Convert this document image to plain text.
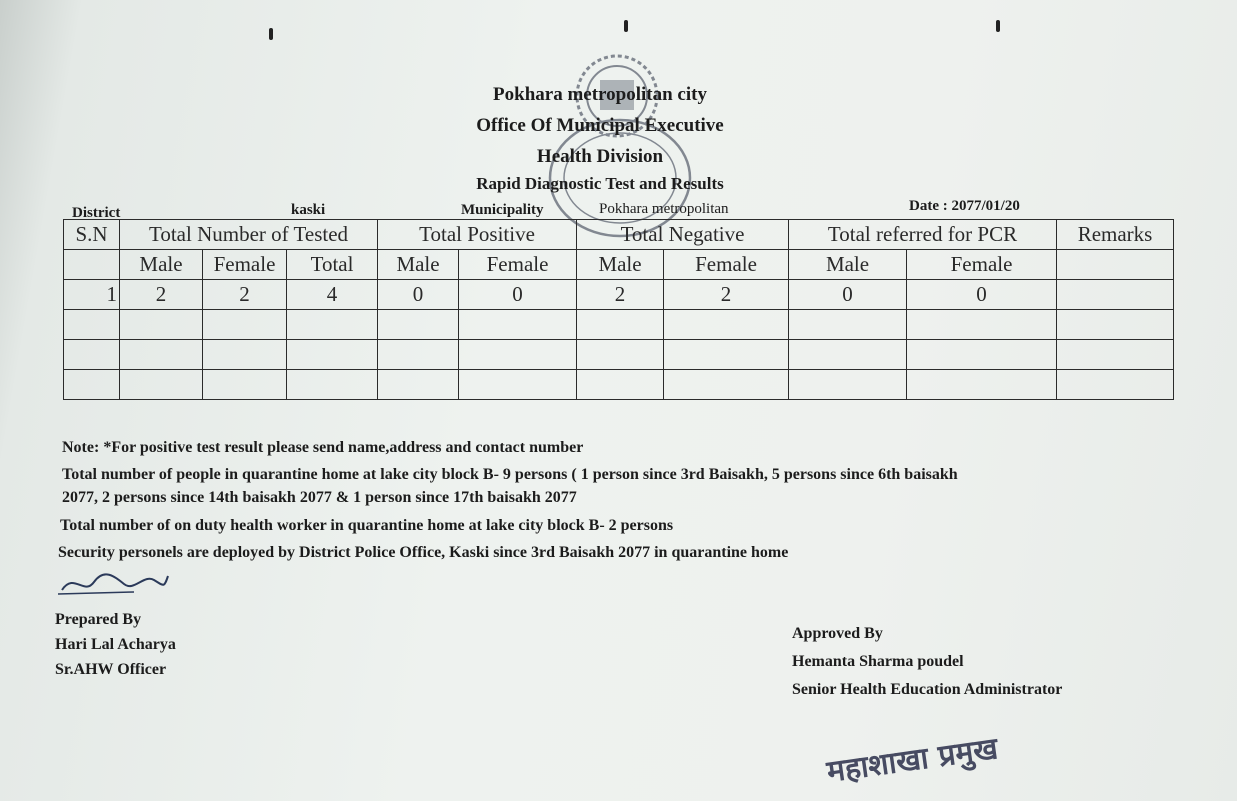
Pokhara metropolitan city
Office Of Municipal Executive
Health Division
Rapid Diagnostic Test and Results
District	kaski	Municipality	Pokhara metropolitan	Date : 2077/01/20
S.N	Total Number of Tested			Total Positive		Total Negative		Total referred for PCR		Remarks
	Male	Female	Total	Male	Female	Male	Female	Male	Female	
1	2	2	4	0	0	2	2	0	0	

Note: *For positive test result please send name,address and contact number
Total number of people in quarantine home at lake city block B- 9 persons ( 1 person since 3rd Baisakh, 5 persons since 6th baisakh
2077, 2 persons since 14th baisakh 2077 & 1 person since 17th baisakh 2077
Total number of on duty health worker in quarantine home at lake city block B- 2 persons
Security personels are deployed by District Police Office, Kaski since 3rd Baisakh 2077 in quarantine home
Prepared By
Hari Lal Acharya
Sr.AHW Officer
Approved By
Hemanta Sharma poudel
Senior Health Education Administrator
महाशाखा प्रमुख
